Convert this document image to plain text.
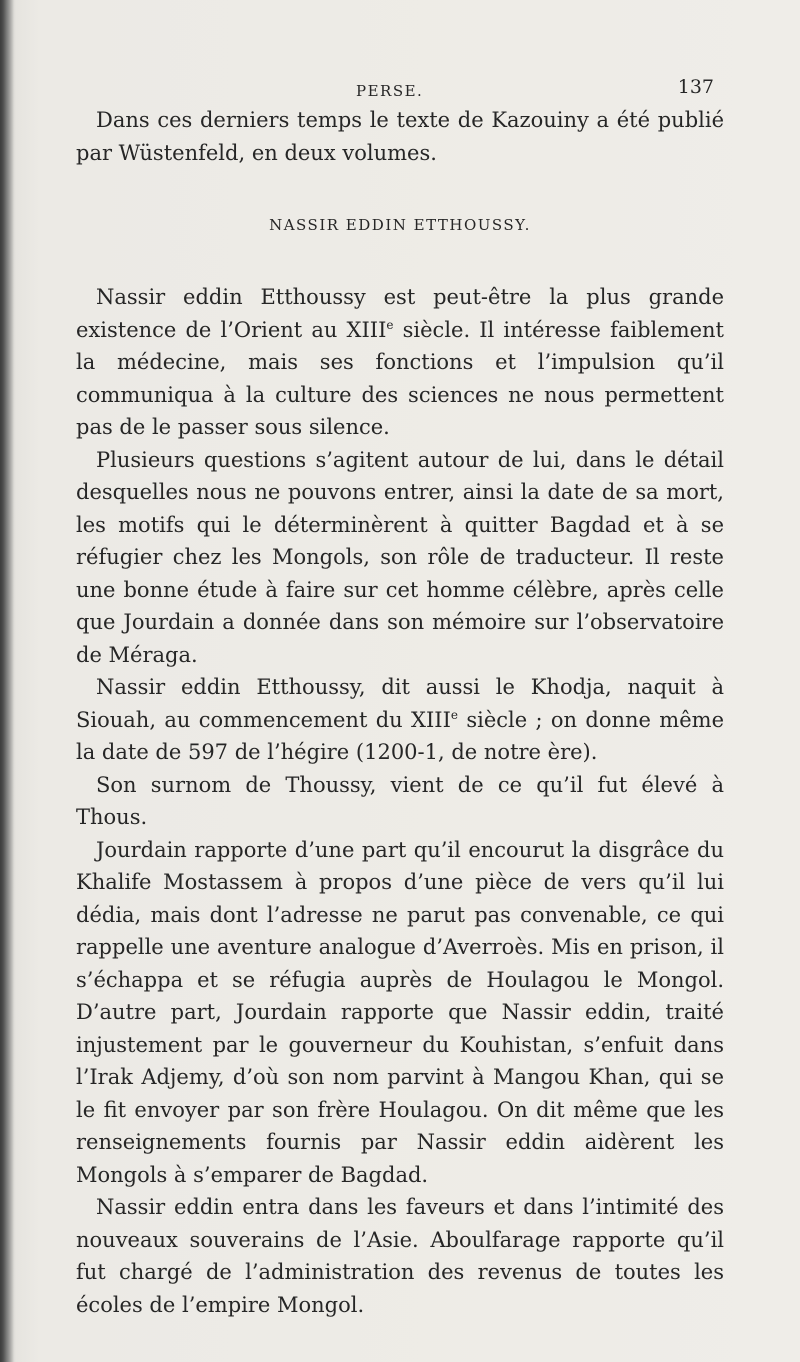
PERSE.	137

Dans ces derniers temps le texte de Kazouiny a été publié par Wüstenfeld, en deux volumes.

NASSIR EDDIN ETTHOUSSY.

Nassir eddin Etthoussy est peut-être la plus grande existence de l’Orient au XIIIe siècle. Il intéresse faiblement la médecine, mais ses fonctions et l’impulsion qu’il communiqua à la culture des sciences ne nous permettent pas de le passer sous silence.

Plusieurs questions s’agitent autour de lui, dans le détail desquelles nous ne pouvons entrer, ainsi la date de sa mort, les motifs qui le déterminèrent à quitter Bagdad et à se réfugier chez les Mongols, son rôle de traducteur. Il reste une bonne étude à faire sur cet homme célèbre, après celle que Jourdain a donnée dans son mémoire sur l’observatoire de Méraga.

Nassir eddin Etthoussy, dit aussi le Khodja, naquit à Siouah, au commencement du XIIIe siècle ; on donne même la date de 597 de l’hégire (1200-1, de notre ère).

Son surnom de Thoussy, vient de ce qu’il fut élevé à Thous.

Jourdain rapporte d’une part qu’il encourut la disgrâce du Khalife Mostassem à propos d’une pièce de vers qu’il lui dédia, mais dont l’adresse ne parut pas convenable, ce qui rappelle une aventure analogue d’Averroès. Mis en prison, il s’échappa et se réfugia auprès de Houlagou le Mongol. D’autre part, Jourdain rapporte que Nassir eddin, traité injustement par le gouverneur du Kouhistan, s’enfuit dans l’Irak Adjemy, d’où son nom parvint à Mangou Khan, qui se le fit envoyer par son frère Houlagou. On dit même que les renseignements fournis par Nassir eddin aidèrent les Mongols à s’emparer de Bagdad.

Nassir eddin entra dans les faveurs et dans l’intimité des nouveaux souverains de l’Asie. Aboulfarage rapporte qu’il fut chargé de l’administration des revenus de toutes les écoles de l’empire Mongol.
